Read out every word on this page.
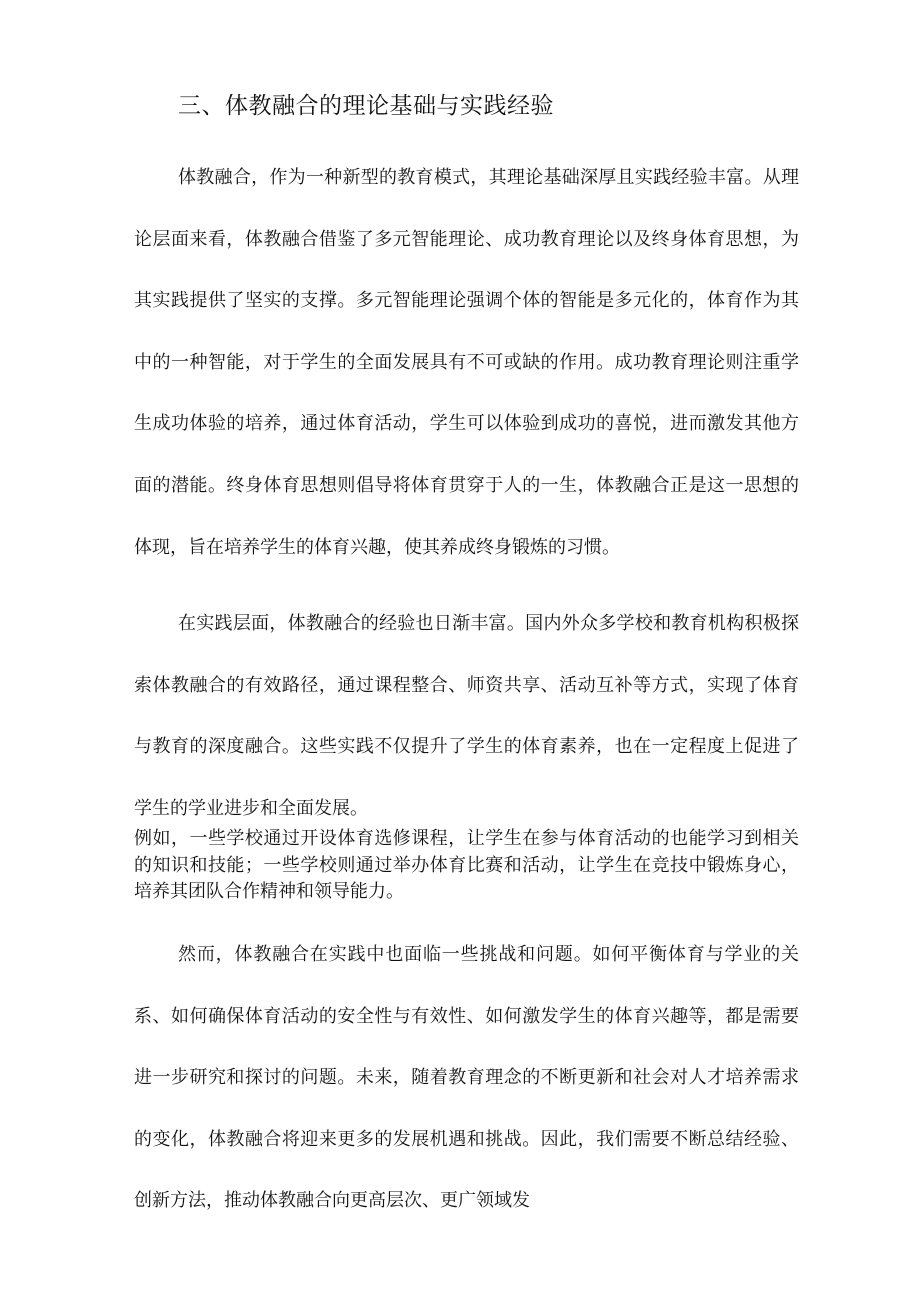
三、体教融合的理论基础与实践经验

体教融合，作为一种新型的教育模式，其理论基础深厚且实践经验丰富。从理论层面来看，体教融合借鉴了多元智能理论、成功教育理论以及终身体育思想，为其实践提供了坚实的支撑。多元智能理论强调个体的智能是多元化的，体育作为其中的一种智能，对于学生的全面发展具有不可或缺的作用。成功教育理论则注重学生成功体验的培养，通过体育活动，学生可以体验到成功的喜悦，进而激发其他方面的潜能。终身体育思想则倡导将体育贯穿于人的一生，体教融合正是这一思想的体现，旨在培养学生的体育兴趣，使其养成终身锻炼的习惯。

在实践层面，体教融合的经验也日渐丰富。国内外众多学校和教育机构积极探索体教融合的有效路径，通过课程整合、师资共享、活动互补等方式，实现了体育与教育的深度融合。这些实践不仅提升了学生的体育素养，也在一定程度上促进了学生的学业进步和全面发展。

例如，一些学校通过开设体育选修课程，让学生在参与体育活动的也能学习到相关的知识和技能；一些学校则通过举办体育比赛和活动，让学生在竞技中锻炼身心，培养其团队合作精神和领导能力。

然而，体教融合在实践中也面临一些挑战和问题。如何平衡体育与学业的关系、如何确保体育活动的安全性与有效性、如何激发学生的体育兴趣等，都是需要进一步研究和探讨的问题。未来，随着教育理念的不断更新和社会对人才培养需求的变化，体教融合将迎来更多的发展机遇和挑战。因此，我们需要不断总结经验、创新方法，推动体教融合向更高层次、更广领域发
